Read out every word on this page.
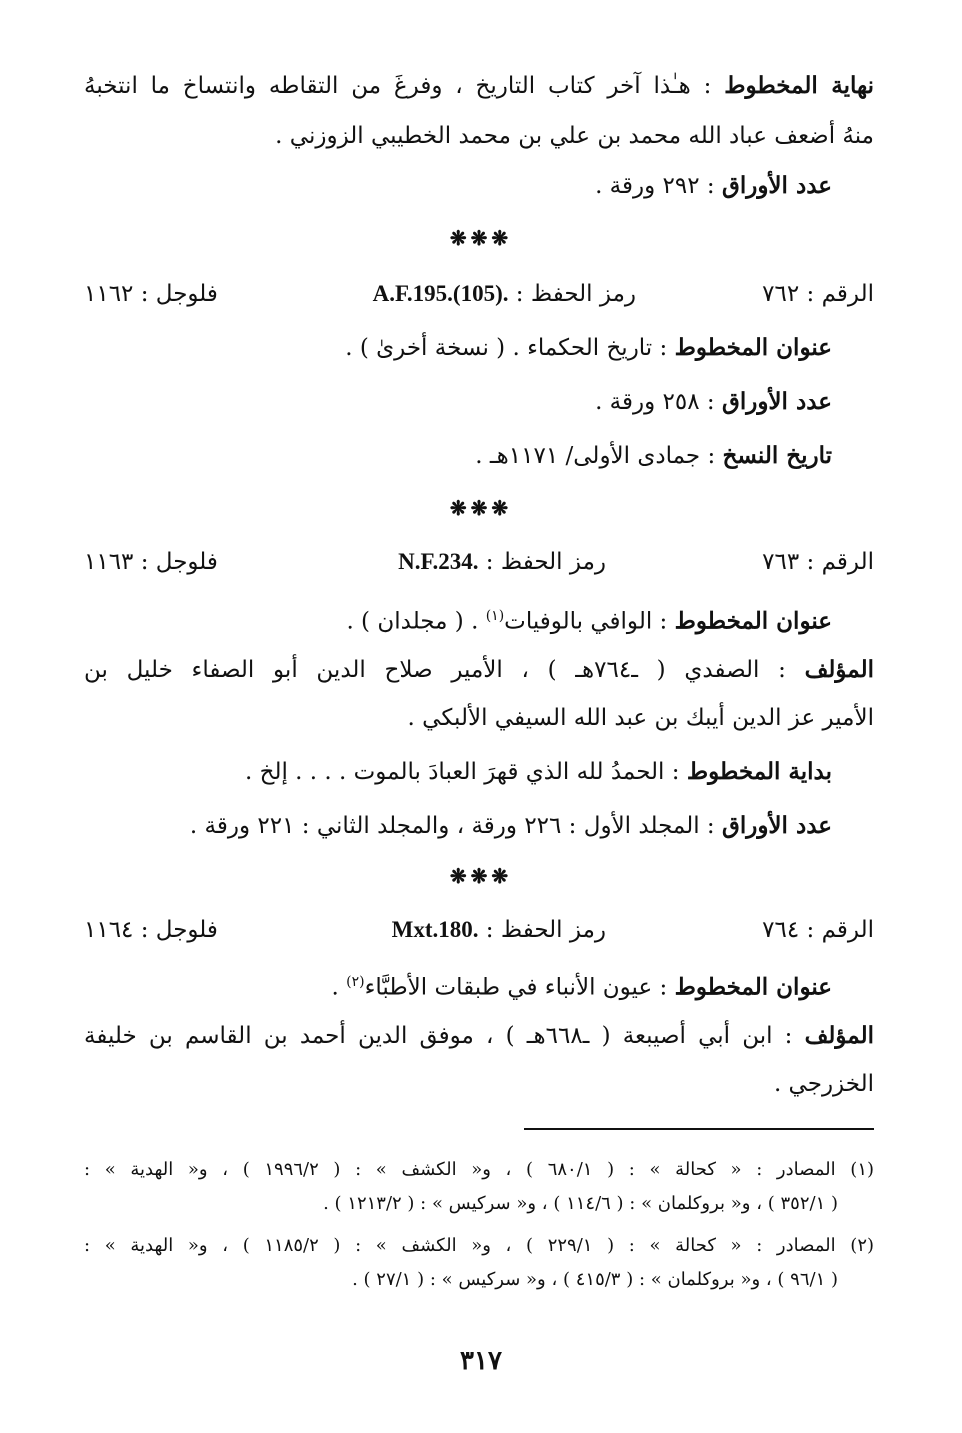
نهاية المخطوط : هـٰذا آخر كتاب التاريخ ، وفرغَ من التقاطه وانتساخ ما انتخبهُ
منهُ أضعف عباد الله محمد بن علي بن محمد الخطيبي الزوزني .
عدد الأوراق : ٢٩٢ ورقة .
❋❋❋
الرقم : ٧٦٢
رمز الحفظ : .A.F.195.(105)
فلوجل : ١١٦٢
عنوان المخطوط : تاريخ الحكماء . ( نسخة أخرىٰ ) .
عدد الأوراق : ٢٥٨ ورقة .
تاريخ النسخ : جمادى الأولى/ ١١٧١هـ .
❋❋❋
الرقم : ٧٦٣
رمز الحفظ : .N.F.234
فلوجل : ١١٦٣
عنوان المخطوط : الوافي بالوفيات$^{(١)}$ . ( مجلدان ) .
المؤلف : الصفدي ( ـ٧٦٤هـ ) ، الأمير صلاح الدين أبو الصفاء خليل بن
الأمير عز الدين أيبك بن عبد الله السيفي الألبكي .
بداية المخطوط : الحمدُ لله الذي قهرَ العبادَ بالموت . . . . إلخ .
عدد الأوراق : المجلد الأول : ٢٢٦ ورقة ، والمجلد الثاني : ٢٢١ ورقة .
❋❋❋
الرقم : ٧٦٤
رمز الحفظ : .Mxt.180
فلوجل : ١١٦٤
عنوان المخطوط : عيون الأنباء في طبقات الأطبَّاء$^{(٢)}$ .
المؤلف : ابن أبي أصيبعة ( ـ٦٦٨هـ ) ، موفق الدين أحمد بن القاسم بن خليفة
الخزرجي .
(١) المصادر : « كحالة » : ( ٦٨٠/١ ) ، و« الكشف » : ( ١٩٩٦/٢ ) ، و« الهدية » :
( ٣٥٢/١ ) ، و« بروكلمان » : ( ١١٤/٦ ) ، و« سركيس » : ( ١٢١٣/٢ ) .
(٢) المصادر : « كحالة » : ( ٢٢٩/١ ) ، و« الكشف » : ( ١١٨٥/٢ ) ، و« الهدية » :
( ٩٦/١ ) ، و« بروكلمان » : ( ٤١٥/٣ ) ، و« سركيس » : ( ٢٧/١ ) .
٣١٧
